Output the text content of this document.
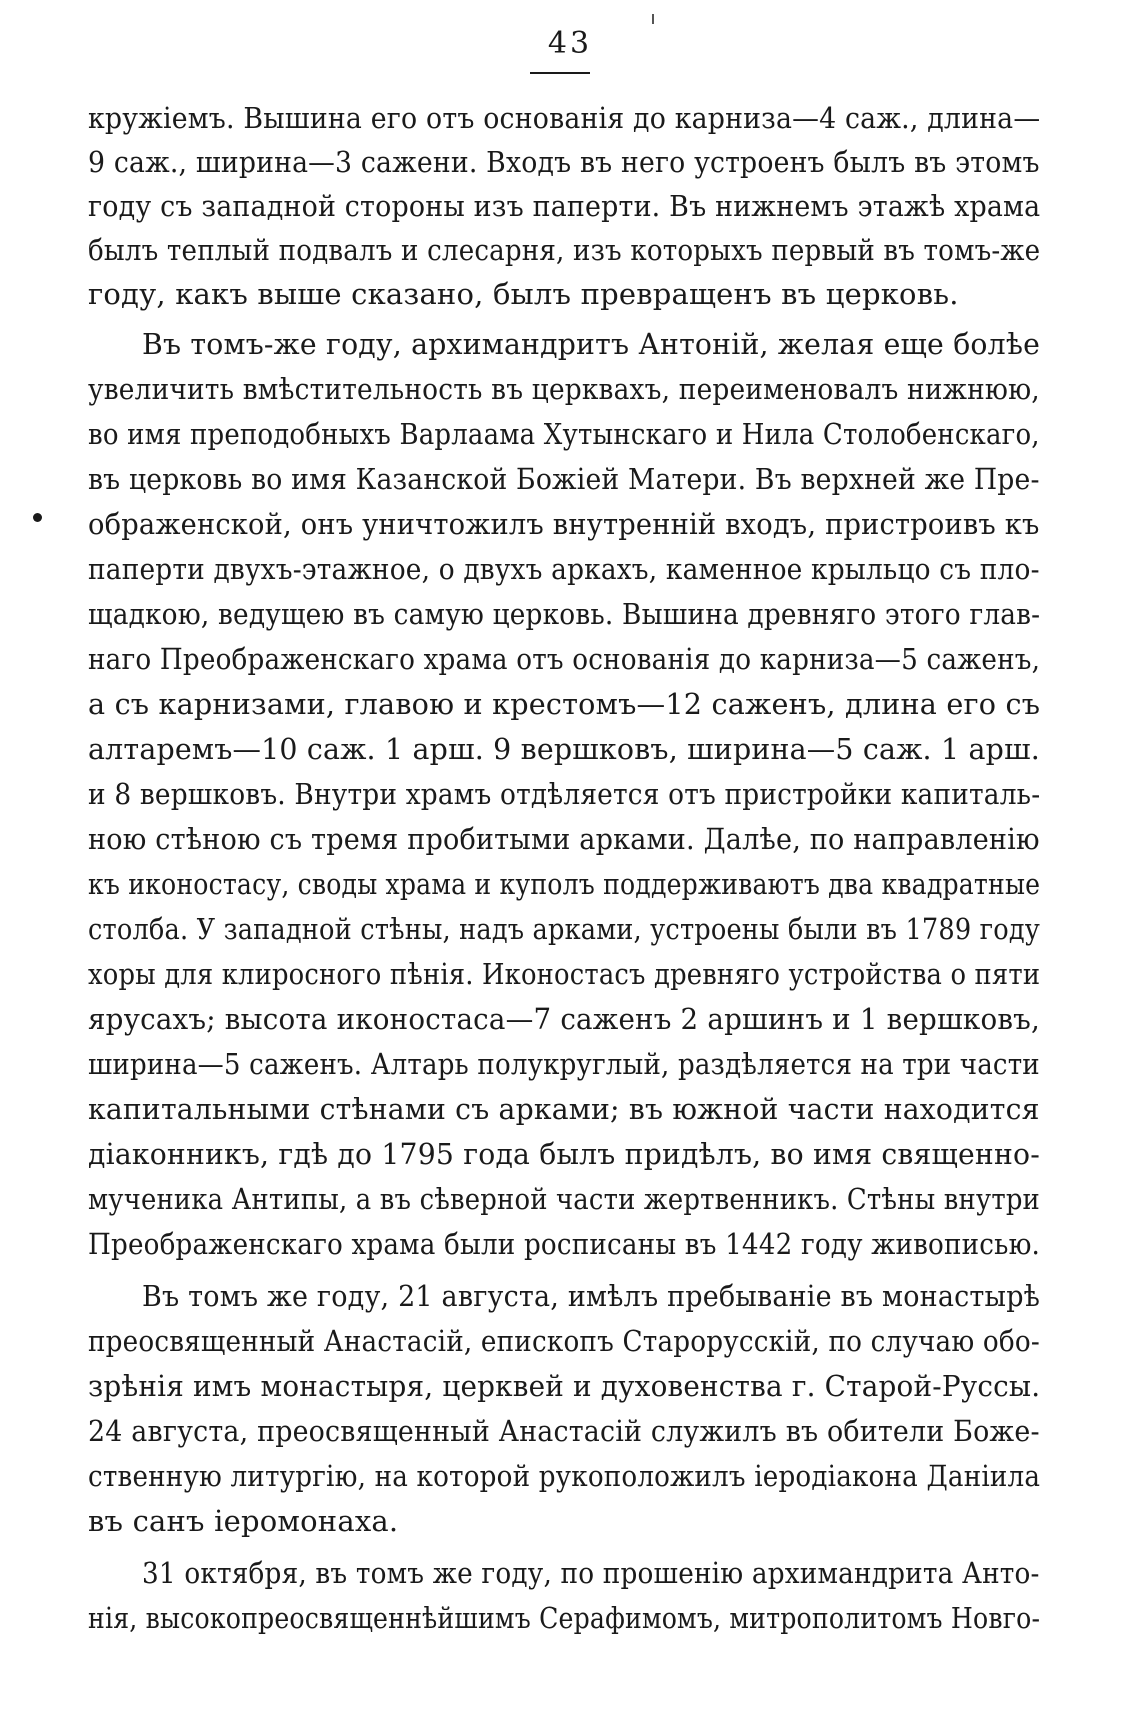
43
кружіемъ. Вышина его отъ основанія до карниза—4 саж., длина—
9 саж., ширина—3 сажени. Входъ въ него устроенъ былъ въ этомъ
году съ западной стороны изъ паперти. Въ нижнемъ этажѣ храма
былъ теплый подвалъ и слесарня, изъ которыхъ первый въ томъ-же
году, какъ выше сказано, былъ превращенъ въ церковь.
Въ томъ-же году, архимандритъ Антоній, желая еще болѣе
увеличить вмѣстительность въ церквахъ, переименовалъ нижнюю,
во имя преподобныхъ Варлаама Хутынскаго и Нила Столобенскаго,
въ церковь во имя Казанской Божіей Матери. Въ верхней же Пре-
ображенской, онъ уничтожилъ внутренній входъ, пристроивъ къ
паперти двухъ-этажное, о двухъ аркахъ, каменное крыльцо съ пло-
щадкою, ведущею въ самую церковь. Вышина древняго этого глав-
наго Преображенскаго храма отъ основанія до карниза—5 саженъ,
а съ карнизами, главою и крестомъ—12 саженъ, длина его съ
алтаремъ—10 саж. 1 арш. 9 вершковъ, ширина—5 саж. 1 арш.
и 8 вершковъ. Внутри храмъ отдѣляется отъ пристройки капиталь-
ною стѣною съ тремя пробитыми арками. Далѣе, по направленію
къ иконостасу, своды храма и куполъ поддерживаютъ два квадратные
столба. У западной стѣны, надъ арками, устроены были въ 1789 году
хоры для клиросного пѣнія. Иконостасъ древняго устройства о пяти
ярусахъ; высота иконостаса—7 саженъ 2 аршинъ и 1 вершковъ,
ширина—5 саженъ. Алтарь полукруглый, раздѣляется на три части
капитальными стѣнами съ арками; въ южной части находится
діаконникъ, гдѣ до 1795 года былъ придѣлъ, во имя священно-
мученика Антипы, а въ сѣверной части жертвенникъ. Стѣны внутри
Преображенскаго храма были росписаны въ 1442 году живописью.
Въ томъ же году, 21 августа, имѣлъ пребываніе въ монастырѣ
преосвященный Анастасій, епископъ Старорусскій, по случаю обо-
зрѣнія имъ монастыря, церквей и духовенства г. Старой-Руссы.
24 августа, преосвященный Анастасій служилъ въ обители Боже-
ственную литургію, на которой рукоположилъ іеродіакона Даніила
въ санъ іеромонаха.
31 октября, въ томъ же году, по прошенію архимандрита Анто-
нія, высокопреосвященнѣйшимъ Серафимомъ, митрополитомъ Новго-
